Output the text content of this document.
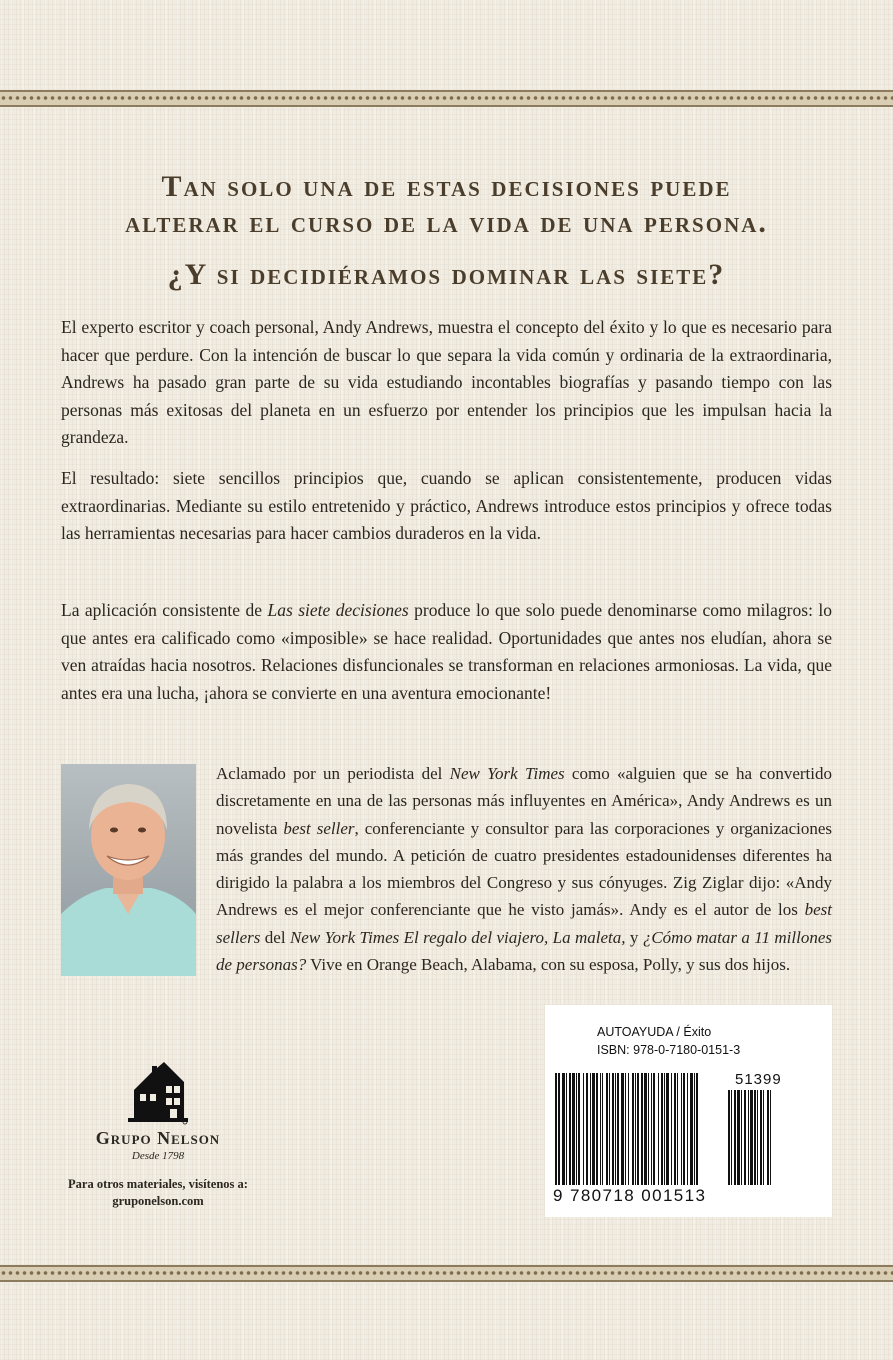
Tan solo una de estas decisiones puede
alterar el curso de la vida de una persona.
¿Y si decidiéramos dominar las siete?

El experto escritor y coach personal, Andy Andrews, muestra el concepto del éxito y lo que es necesario para hacer que perdure. Con la intención de buscar lo que separa la vida común y ordinaria de la extraordinaria, Andrews ha pasado gran parte de su vida estudiando incontables biografías y pasando tiempo con las personas más exitosas del planeta en un esfuerzo por entender los principios que les impulsan hacia la grandeza.

El resultado: siete sencillos principios que, cuando se aplican consistentemente, producen vidas extraordinarias. Mediante su estilo entretenido y práctico, Andrews introduce estos principios y ofrece todas las herramientas necesarias para hacer cambios duraderos en la vida.

La aplicación consistente de Las siete decisiones produce lo que solo puede denominarse como milagros: lo que antes era calificado como «imposible» se hace realidad. Oportunidades que antes nos eludían, ahora se ven atraídas hacia nosotros. Relaciones disfuncionales se transforman en relaciones armoniosas. La vida, que antes era una lucha, ¡ahora se convierte en una aventura emocionante!

Aclamado por un periodista del New York Times como «alguien que se ha convertido discretamente en una de las personas más influyentes en América», Andy Andrews es un novelista best seller, conferenciante y consultor para las corporaciones y organizaciones más grandes del mundo. A petición de cuatro presidentes estadounidenses diferentes ha dirigido la palabra a los miembros del Congreso y sus cónyuges. Zig Ziglar dijo: «Andy Andrews es el mejor conferenciante que he visto jamás». Andy es el autor de los best sellers del New York Times El regalo del viajero, La maleta, y ¿Cómo matar a 11 millones de personas? Vive en Orange Beach, Alabama, con su esposa, Polly, y sus dos hijos.

Grupo Nelson
Desde 1798
Para otros materiales, visítenos a:
gruponelson.com
AUTOAYUDA / Éxito
ISBN: 978-0-7180-0151-3
51399
9 780718 001513
